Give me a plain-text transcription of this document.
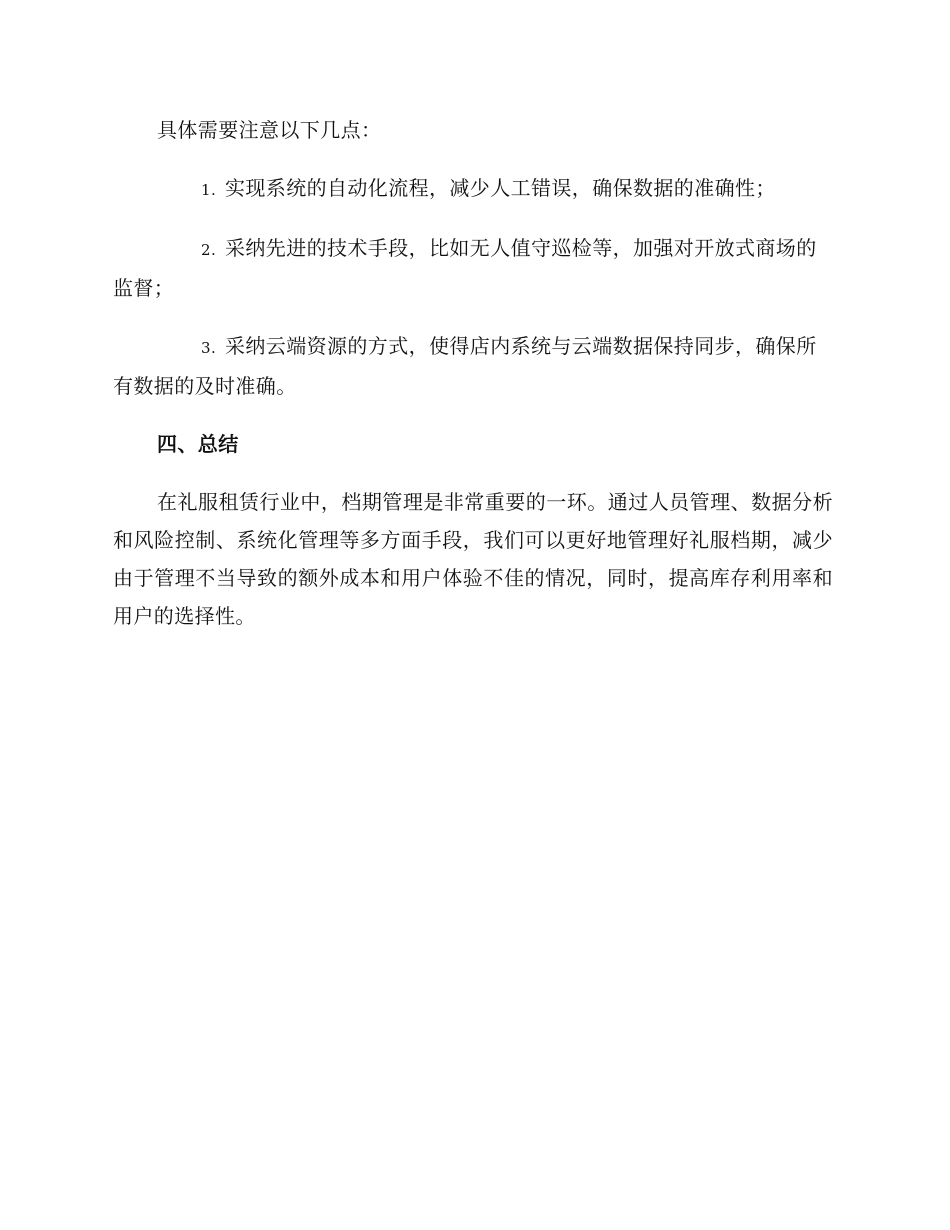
具体需要注意以下几点：

1. 实现系统的自动化流程，减少人工错误，确保数据的准确性；

2. 采纳先进的技术手段，比如无人值守巡检等，加强对开放式商场的监督；

3. 采纳云端资源的方式，使得店内系统与云端数据保持同步，确保所有数据的及时准确。

四、总结

在礼服租赁行业中，档期管理是非常重要的一环。通过人员管理、数据分析和风险控制、系统化管理等多方面手段，我们可以更好地管理好礼服档期，减少由于管理不当导致的额外成本和用户体验不佳的情况，同时，提高库存利用率和用户的选择性。
